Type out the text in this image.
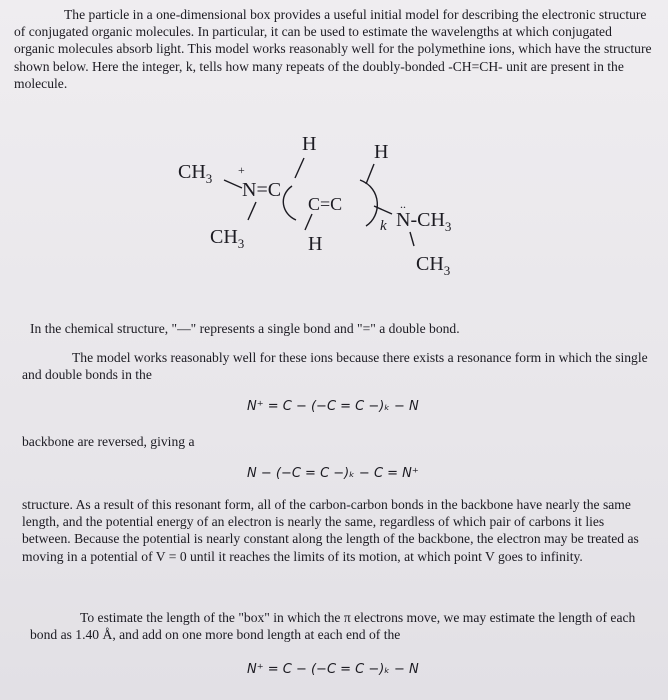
The particle in a one-dimensional box provides a useful initial model for describing the electronic structure of conjugated organic molecules. In particular, it can be used to estimate the wavelengths at which conjugated organic molecules absorb light. This model works reasonably well for the polymethine ions, which have the structure shown below. Here the integer, k, tells how many repeats of the doubly-bonded -CH=CH- unit are present in the molecule.

$CH_3$
+
N=C
$CH_3$
H
H
C=C
H
k
..
$N-CH_3$
$CH_3$

In the chemical structure, "—" represents a single bond and "=" a double bond.

The model works reasonably well for these ions because there exists a resonance form in which the single and double bonds in the

N⁺ = C − (−C = C −)ₖ − N

backbone are reversed, giving a

N − (−C = C −)ₖ − C = N⁺

structure. As a result of this resonant form, all of the carbon-carbon bonds in the backbone have nearly the same length, and the potential energy of an electron is nearly the same, regardless of which pair of carbons it lies between. Because the potential is nearly constant along the length of the backbone, the electron may be treated as moving in a potential of V = 0 until it reaches the limits of its motion, at which point V goes to infinity.

To estimate the length of the "box" in which the π electrons move, we may estimate the length of each bond as 1.40 Å, and add on one more bond length at each end of the

N⁺ = C − (−C = C −)ₖ − N
